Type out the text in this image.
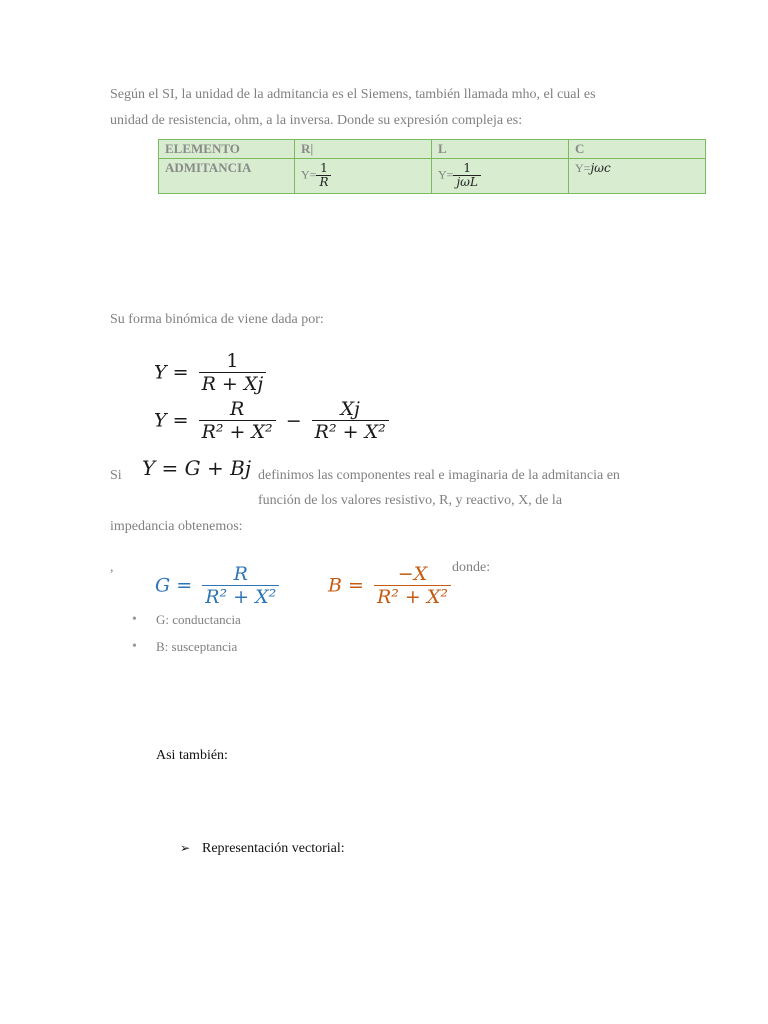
Según el SI, la unidad de la admitancia es el Siemens, también llamada mho, el cual es
unidad de resistencia, ohm, a la inversa. Donde su expresión compleja es:
ELEMENTO	R|	L	C
ADMITANCIA	$Y= \frac{1}{R}$	$Y= \frac{1}{\text{jωL}}$	Y=jωc
Su forma binómica de viene dada por:
$Y = \frac{1}{R + Xj}$
$Y = \frac{R}{\text{R² + X²}} - \frac{Xj}{\text{R² + X²}}$
Si Y = G + Bj definimos las componentes real e imaginaria de la admitancia en
función de los valores resistivo, R, y reactivo, X, de la
impedancia obtenemos:
,
$G = \frac{R}{\text{R² + X²}}$	$B = \frac{-X}{\text{R² + X²}}$ donde:
• G: conductancia
• B: susceptancia
Asi también:
➢ Representación vectorial:
